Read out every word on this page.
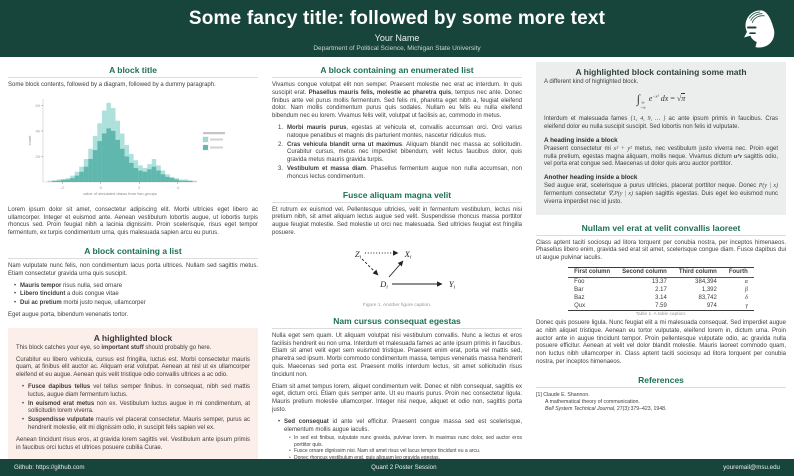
Some fancy title: followed by some more text
Your Name
Department of Political Science, Michigan State University
A block title

Some block contents, followed by a diagram, followed by a dummy paragraph.

20
40
60
-2	0	2	4
value of simulated draws from two groups
count

Lorem ipsum dolor sit amet, consectetur adipiscing elit. Morbi ultricies eget libero ac ullamcorper. Integer et euismod ante. Aenean vestibulum lobortis augue, ut lobortis turpis rhoncus sed. Proin feugiat nibh a lacinia dignissim. Proin scelerisque, risus eget tempor fermentum, ex turpis condimentum urna, quis malesuada sapien arcu eu purus.

A block containing a list

Nam vulputate nunc felis, non condimentum lacus porta ultrices. Nullam sed sagittis metus. Etiam consectetur gravida urna quis suscipit.

• Mauris tempor risus nulla, sed ornare
• Libero tincidunt a duis congue vitae
• Dui ac pretium morbi justo neque, ullamcorper

Eget augue porta, bibendum venenatis tortor.

A highlighted block

This block catches your eye, so important stuff should probably go here.

Curabitur eu libero vehicula, cursus est fringilla, luctus est. Morbi consectetur mauris quam, at finibus elit auctor ac. Aliquam erat volutpat. Aenean at nisl ut ex ullamcorper eleifend et eu augue. Aenean quis velit tristique odio convallis ultrices a ac odio.

• Fusce dapibus tellus vel tellus semper finibus. In consequat, nibh sed mattis luctus, augue diam fermentum luctus.
• In euismod erat metus non ex. Vestibulum luctus augue in mi condimentum, at sollicitudin lorem viverra.
• Suspendisse vulputate mauris vel placerat consectetur. Mauris semper, purus ac hendrerit molestie, elit mi dignissim odio, in suscipit felis sapien vel ex.

Aenean tincidunt risus eros, at gravida lorem sagittis vel. Vestibulum ante ipsum primis in faucibus orci luctus et ultrices posuere cubilia Curae.

A block containing an enumerated list

Vivamus congue volutpat elit non semper. Praesent molestie nec erat ac interdum. In quis suscipit erat. Phasellus mauris felis, molestie ac pharetra quis, tempus nec ante. Donec finibus ante vel purus mollis fermentum. Sed felis mi, pharetra eget nibh a, feugiat eleifend dolor. Nam mollis condimentum purus quis sodales. Nullam eu felis eu nulla eleifend bibendum nec eu lorem. Vivamus felis velit, volutpat ut facilisis ac, commodo in metus.

Morbi mauris purus, egestas at vehicula et, convallis accumsan orci. Orci varius natoque penatibus et magnis dis parturient montes, nascetur ridiculus mus.
Cras vehicula blandit urna ut maximus. Aliquam blandit nec massa ac sollicitudin. Curabitur cursus, metus nec imperdiet bibendum, velit lectus faucibus dolor, quis gravida metus mauris gravida turpis.
Vestibulum et massa diam. Phasellus fermentum augue non nulla accumsan, non rhoncus lectus condimentum.
Fusce aliquam magna velit

Et rutrum ex euismod vel. Pellentesque ultricies, velit in fermentum vestibulum, lectus nisi pretium nibh, sit amet aliquam lectus augue sed velit. Suspendisse rhoncus massa porttitor augue feugiat molestie. Sed molestie ut orci nec malesuada. Sed ultricies feugiat est fringilla posuere.

Zi	Xi
Di	Yi
Figure 1. Another figure caption.
Nam cursus consequat egestas

Nulla eget sem quam. Ut aliquam volutpat nisi vestibulum convallis. Nunc a lectus et eros facilisis hendrerit eu non urna. Interdum et malesuada fames ac ante ipsum primis in faucibus. Etiam sit amet velit eget sem euismod tristique. Praesent enim erat, porta vel mattis sed, pharetra sed ipsum. Morbi commodo condimentum massa, tempus venenatis massa hendrerit quis. Maecenas sed porta est. Praesent mollis interdum lectus, sit amet sollicitudin risus tincidunt non.

Etiam sit amet tempus lorem, aliquet condimentum velit. Donec et nibh consequat, sagittis ex eget, dictum orci. Etiam quis semper ante. Ut eu mauris purus. Proin nec consectetur ligula. Mauris pretium molestie ullamcorper. Integer nisi neque, aliquet et odio non, sagittis porta justo.

• Sed consequat id ante vel efficitur. Praesent congue massa sed est scelerisque, elementum mollis augue iaculis.
• In sed est finibus, vulputate nunc gravida, pulvinar lorem. In maximus nunc dolor, sed auctor eros porttitor quis.
• Fusce ornare dignissim nisi. Nam sit amet risus vel lacus tempor tincidunt eu a arcu.
• Donec rhoncus vestibulum erat, quis aliquam leo gravida egestas.
A highlighted block containing some math

A different kind of highlighted block.

∫ ∞
−∞
$e^{-x^2}$ dx = √π

Interdum et malesuada fames {1, 4, 9, … } ac ante ipsum primis in faucibus. Cras eleifend dolor eu nulla suscipit suscipit. Sed lobortis non felis id vulputate.

A heading inside a block

Praesent consectetur mi x² + y² metus, nec vestibulum justo viverra nec. Proin eget nulla pretium, egestas magna aliquam, mollis neque. Vivamus dictum uᵀv sagittis odio, vel porta erat congue sed. Maecenas ut dolor quis arcu auctor porttitor.

Another heading inside a block

Sed augue erat, scelerisque a purus ultricies, placerat porttitor neque. Donec P(y | x) fermentum consectetur ∇ₓP(y | x) sapien sagittis egestas. Duis eget leo euismod nunc viverra imperdiet nec id justo.

Nullam vel erat at velit convallis laoreet

Class aptent taciti sociosqu ad litora torquent per conubia nostra, per inceptos himenaeos. Phasellus libero enim, gravida sed erat sit amet, scelerisque congue diam. Fusce dapibus dui ut augue pulvinar iaculis.

First column	Second column	Third column	Fourth
Foo	13.37	384,394	α
Bar	2.17	1,392	β
Baz	3.14	83,742	δ
Qux	7.59	974	γ
Table 1. A table caption.

Donec quis posuere ligula. Nunc feugiat elit a mi malesuada consequat. Sed imperdiet augue ac nibh aliquet tristique. Aenean eu tortor vulputate, eleifend lorem in, dictum urna. Proin auctor ante in augue tincidunt tempor. Proin pellentesque vulputate odio, ac gravida nulla posuere efficitur. Aenean at velit vel dolor blandit molestie. Mauris laoreet commodo quam, non luctus nibh ullamcorper in. Class aptent taciti sociosqu ad litora torquent per conubia nostra, per inceptos himenaeos.

References

[1] Claude E. Shannon.

A mathematical theory of communication.

Bell System Technical Journal, 27(3):379–423, 1948.

Github: https://github.com	Quant 2 Poster Session	youremail@msu.edu
